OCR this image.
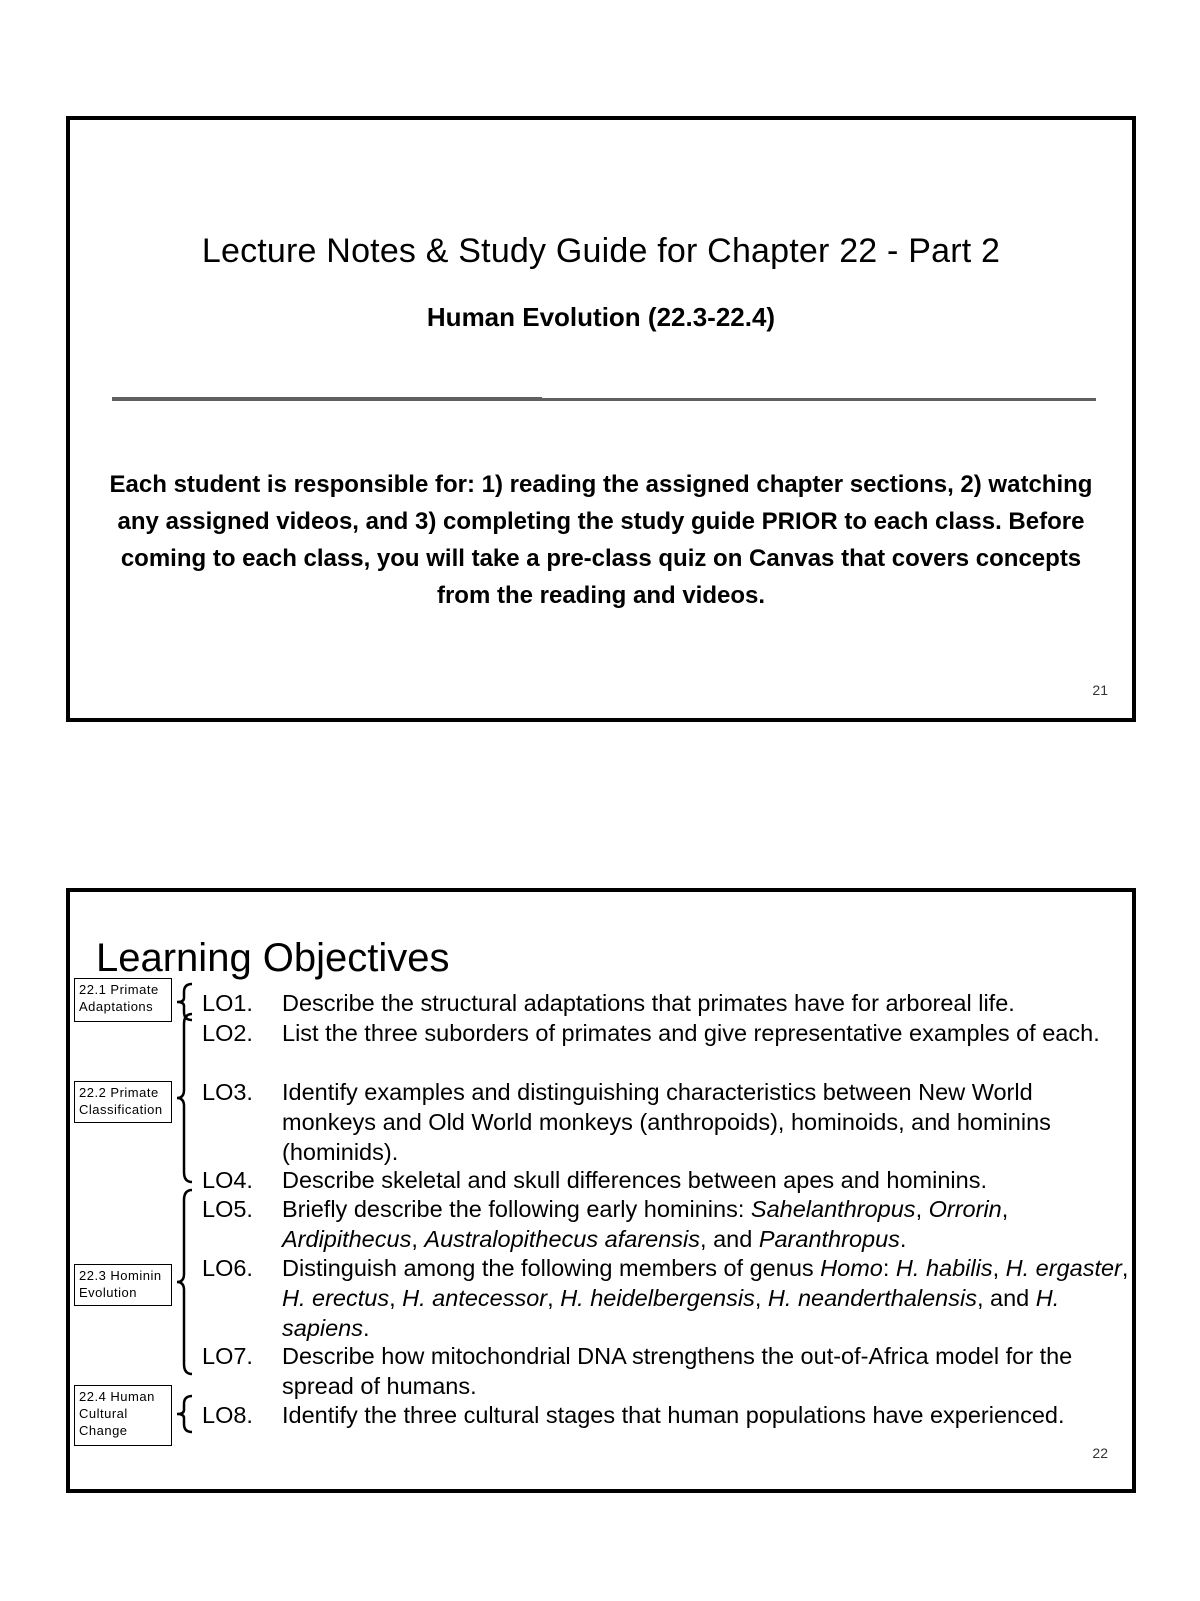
Lecture Notes & Study Guide for Chapter 22 - Part 2
Human Evolution (22.3-22.4)
Each student is responsible for: 1) reading the assigned chapter sections, 2) watching any assigned videos, and 3) completing the study guide PRIOR to each class. Before coming to each class, you will take a pre-class quiz on Canvas that covers concepts from the reading and videos.
21
Learning Objectives
22.1 Primate
Adaptations
22.2 Primate
Classification
22.3 Hominin
Evolution
22.4 Human
Cultural
Change
LO1.	Describe the structural adaptations that primates have for arboreal life.
LO2.	List the three suborders of primates and give representative examples of each.
LO3.	Identify examples and distinguishing characteristics between New World monkeys and Old World monkeys (anthropoids), hominoids, and hominins (hominids).
LO4.	Describe skeletal and skull differences between apes and hominins.
LO5.	Briefly describe the following early hominins: Sahelanthropus, Orrorin, Ardipithecus, Australopithecus afarensis, and Paranthropus.
LO6.	Distinguish among the following members of genus Homo: H. habilis, H. ergaster, H. erectus, H. antecessor, H. heidelbergensis, H. neanderthalensis, and H. sapiens.
LO7.	Describe how mitochondrial DNA strengthens the out-of-Africa model for the spread of humans.
LO8.	Identify the three cultural stages that human populations have experienced.
22
